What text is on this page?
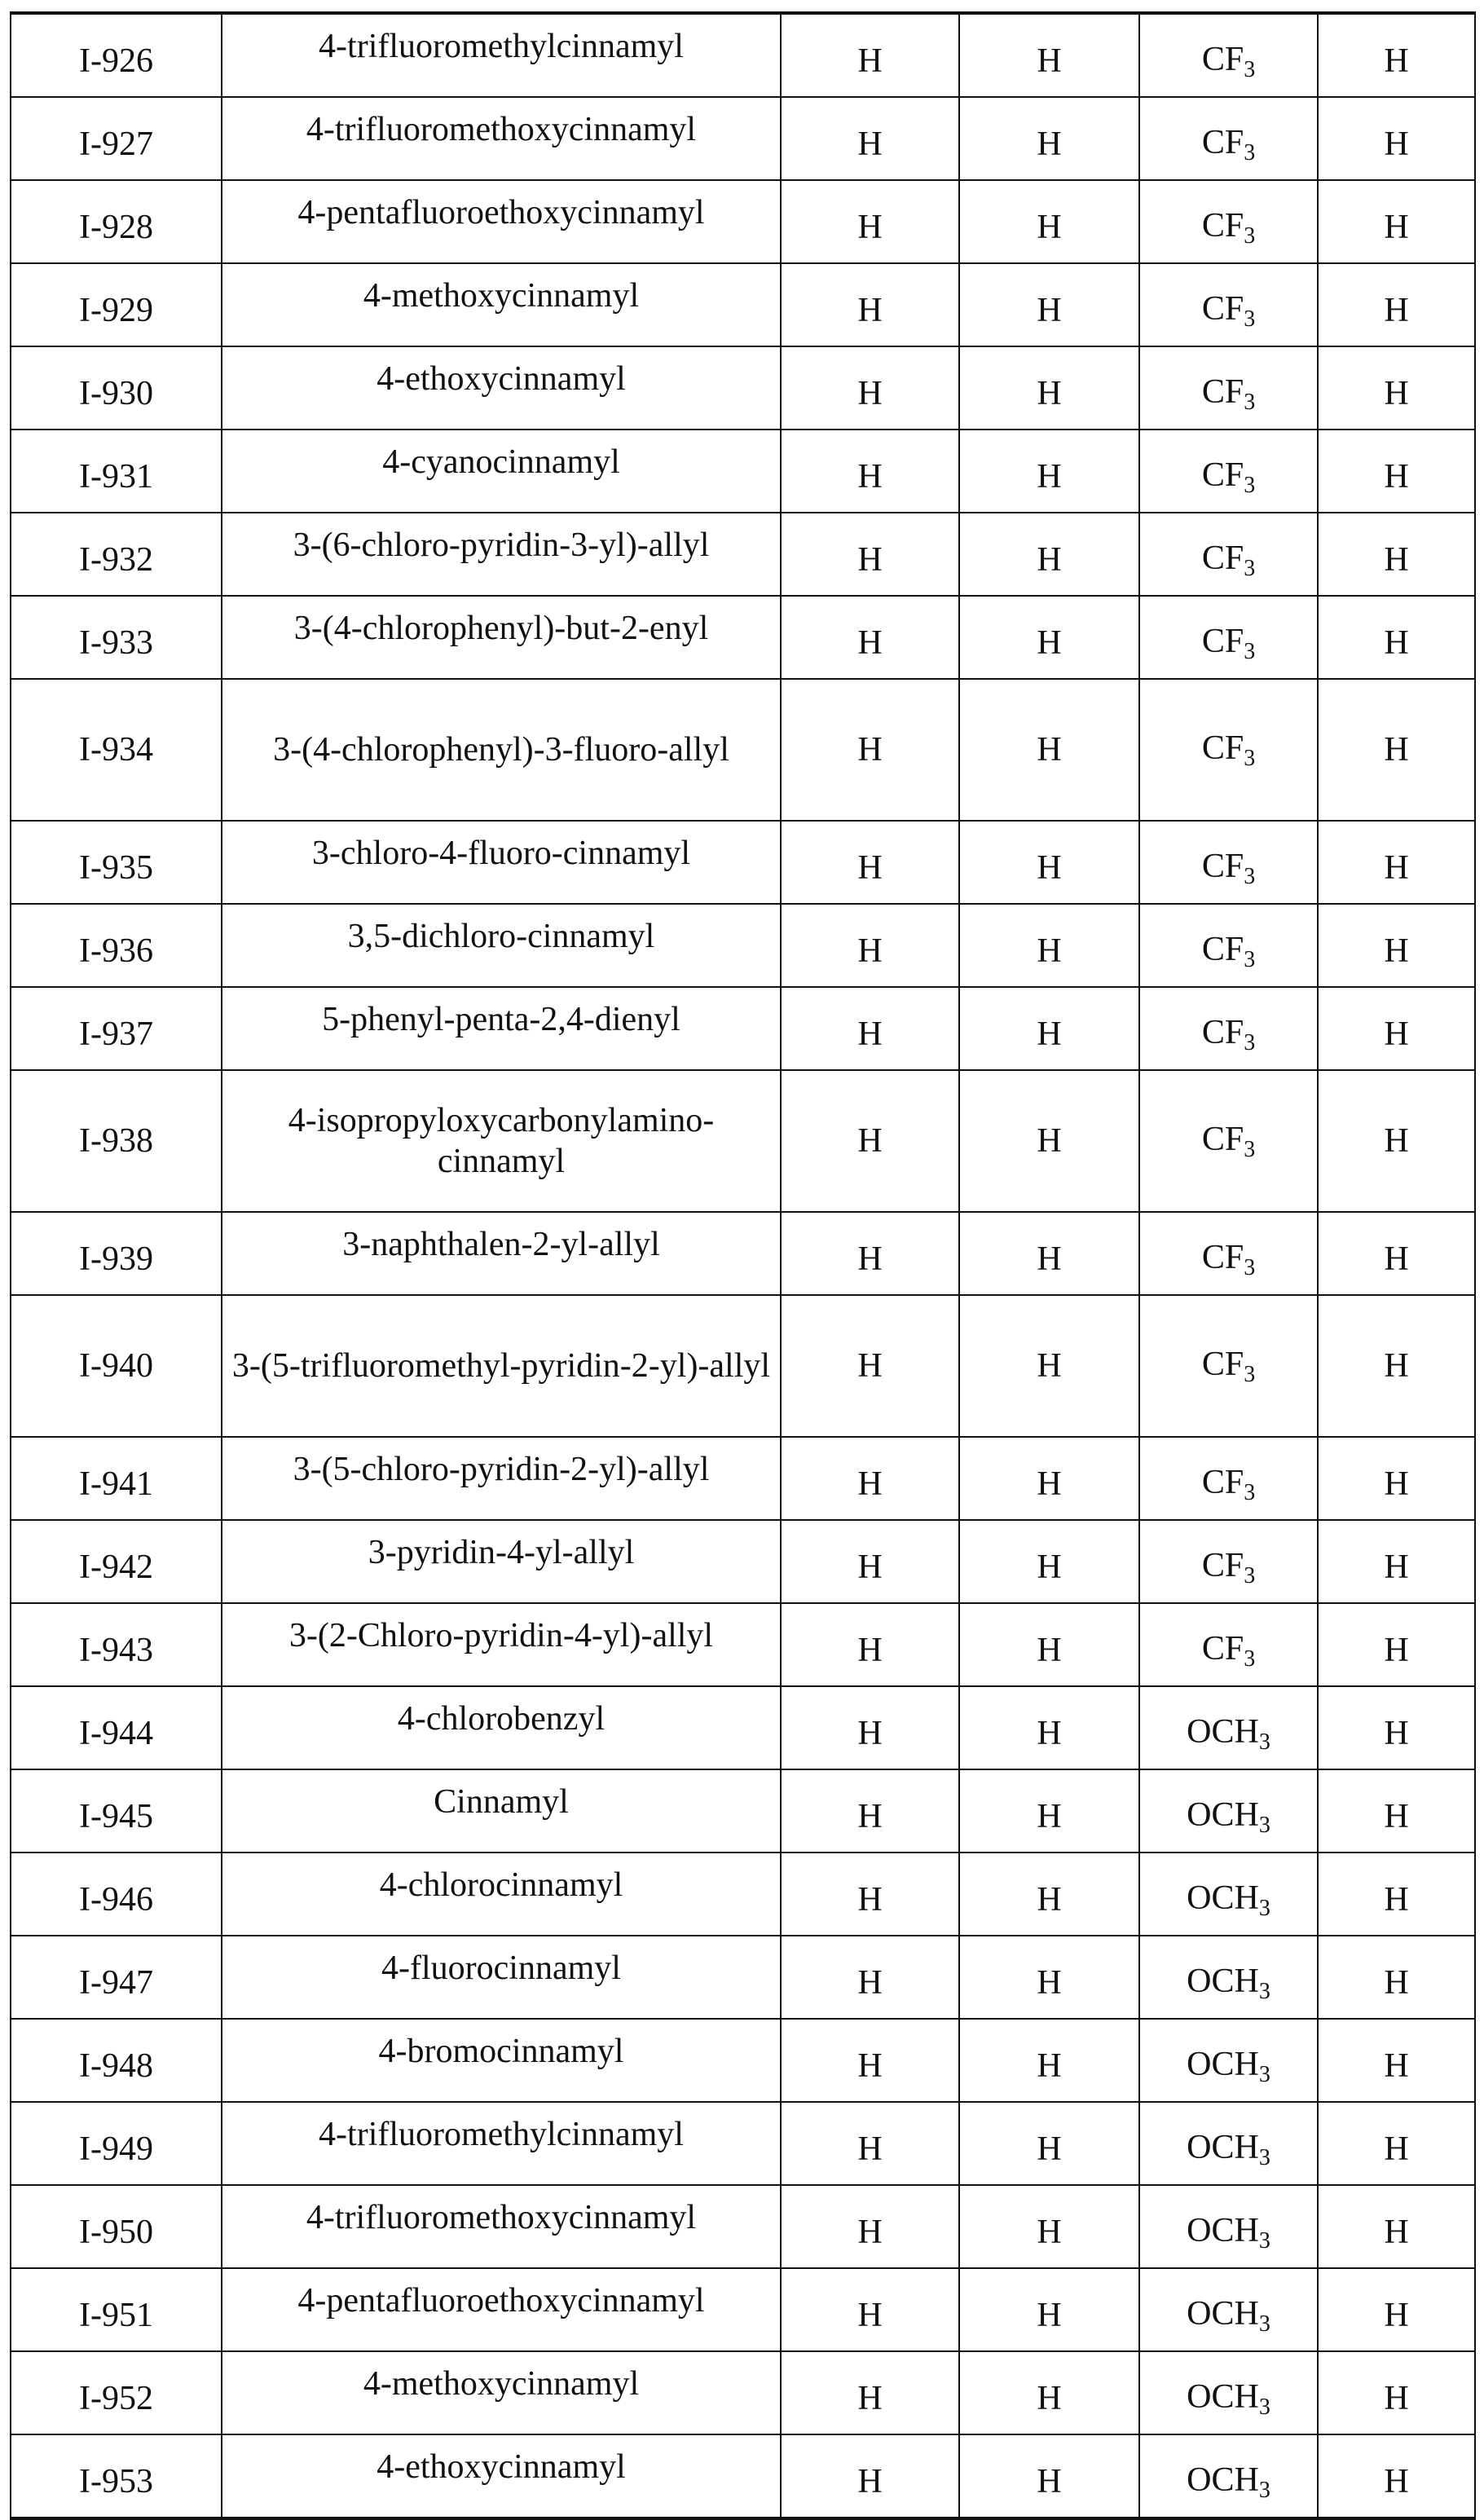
I-926	4-trifluoromethylcinnamyl	H	H	CF3	H
I-927	4-trifluoromethoxycinnamyl	H	H	CF3	H
I-928	4-pentafluoroethoxycinnamyl	H	H	CF3	H
I-929	4-methoxycinnamyl	H	H	CF3	H
I-930	4-ethoxycinnamyl	H	H	CF3	H
I-931	4-cyanocinnamyl	H	H	CF3	H
I-932	3-(6-chloro-pyridin-3-yl)-allyl	H	H	CF3	H
I-933	3-(4-chlorophenyl)-but-2-enyl	H	H	CF3	H
I-934	3-(4-chlorophenyl)-3-fluoro-allyl	H	H	CF3	H
I-935	3-chloro-4-fluoro-cinnamyl	H	H	CF3	H
I-936	3,5-dichloro-cinnamyl	H	H	CF3	H
I-937	5-phenyl-penta-2,4-dienyl	H	H	CF3	H
I-938	4-isopropyloxycarbonylamino-cinnamyl	H	H	CF3	H
I-939	3-naphthalen-2-yl-allyl	H	H	CF3	H
I-940	3-(5-trifluoromethyl-pyridin-2-yl)-allyl	H	H	CF3	H
I-941	3-(5-chloro-pyridin-2-yl)-allyl	H	H	CF3	H
I-942	3-pyridin-4-yl-allyl	H	H	CF3	H
I-943	3-(2-Chloro-pyridin-4-yl)-allyl	H	H	CF3	H
I-944	4-chlorobenzyl	H	H	OCH3	H
I-945	Cinnamyl	H	H	OCH3	H
I-946	4-chlorocinnamyl	H	H	OCH3	H
I-947	4-fluorocinnamyl	H	H	OCH3	H
I-948	4-bromocinnamyl	H	H	OCH3	H
I-949	4-trifluoromethylcinnamyl	H	H	OCH3	H
I-950	4-trifluoromethoxycinnamyl	H	H	OCH3	H
I-951	4-pentafluoroethoxycinnamyl	H	H	OCH3	H
I-952	4-methoxycinnamyl	H	H	OCH3	H
I-953	4-ethoxycinnamyl	H	H	OCH3	H
